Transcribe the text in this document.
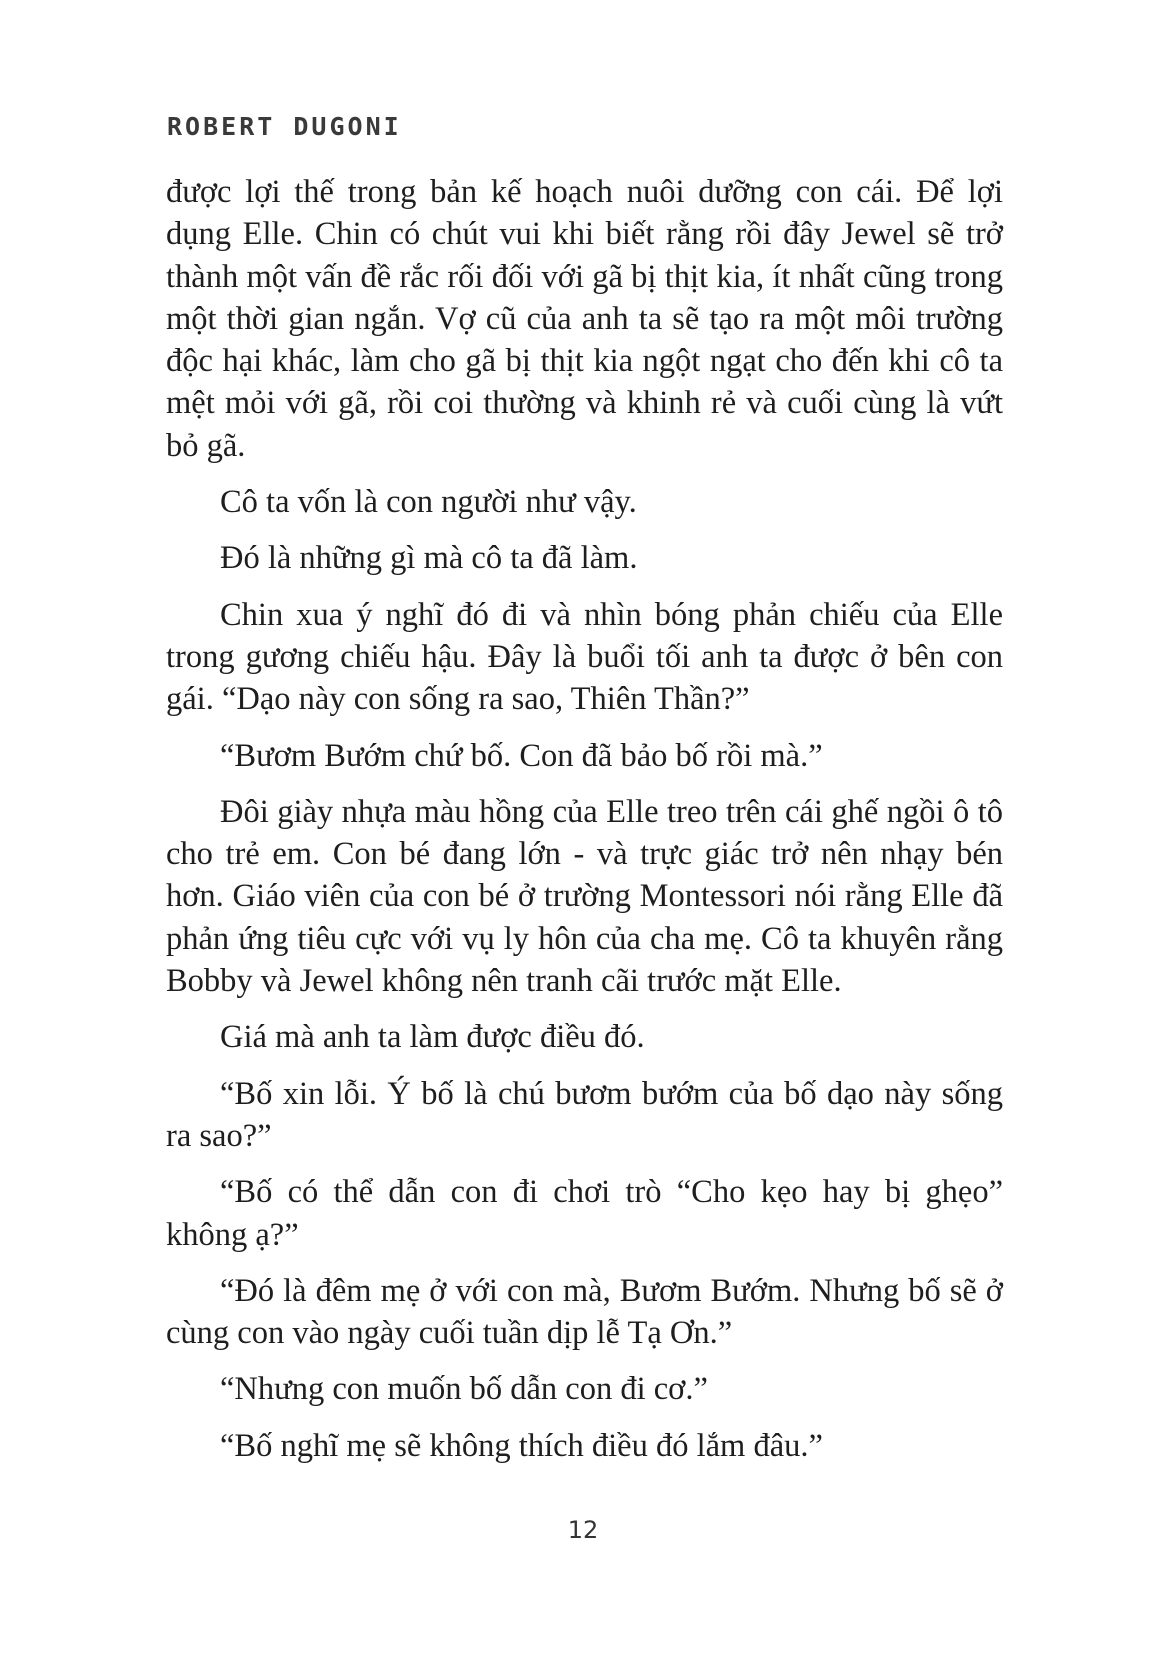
ROBERT DUGONI

được lợi thế trong bản kế hoạch nuôi dưỡng con cái. Để lợi dụng Elle. Chin có chút vui khi biết rằng rồi đây Jewel sẽ trở thành một vấn đề rắc rối đối với gã bị thịt kia, ít nhất cũng trong một thời gian ngắn. Vợ cũ của anh ta sẽ tạo ra một môi trường độc hại khác, làm cho gã bị thịt kia ngột ngạt cho đến khi cô ta mệt mỏi với gã, rồi coi thường và khinh rẻ và cuối cùng là vứt bỏ gã.

Cô ta vốn là con người như vậy.

Đó là những gì mà cô ta đã làm.

Chin xua ý nghĩ đó đi và nhìn bóng phản chiếu của Elle trong gương chiếu hậu. Đây là buổi tối anh ta được ở bên con gái. “Dạo này con sống ra sao, Thiên Thần?”

“Bươm Bướm chứ bố. Con đã bảo bố rồi mà.”

Đôi giày nhựa màu hồng của Elle treo trên cái ghế ngồi ô tô cho trẻ em. Con bé đang lớn - và trực giác trở nên nhạy bén hơn. Giáo viên của con bé ở trường Montessori nói rằng Elle đã phản ứng tiêu cực với vụ ly hôn của cha mẹ. Cô ta khuyên rằng Bobby và Jewel không nên tranh cãi trước mặt Elle.

Giá mà anh ta làm được điều đó.

“Bố xin lỗi. Ý bố là chú bươm bướm của bố dạo này sống ra sao?”

“Bố có thể dẫn con đi chơi trò “Cho kẹo hay bị ghẹo” không ạ?”

“Đó là đêm mẹ ở với con mà, Bươm Bướm. Nhưng bố sẽ ở cùng con vào ngày cuối tuần dịp lễ Tạ Ơn.”

“Nhưng con muốn bố dẫn con đi cơ.”

“Bố nghĩ mẹ sẽ không thích điều đó lắm đâu.”

12
